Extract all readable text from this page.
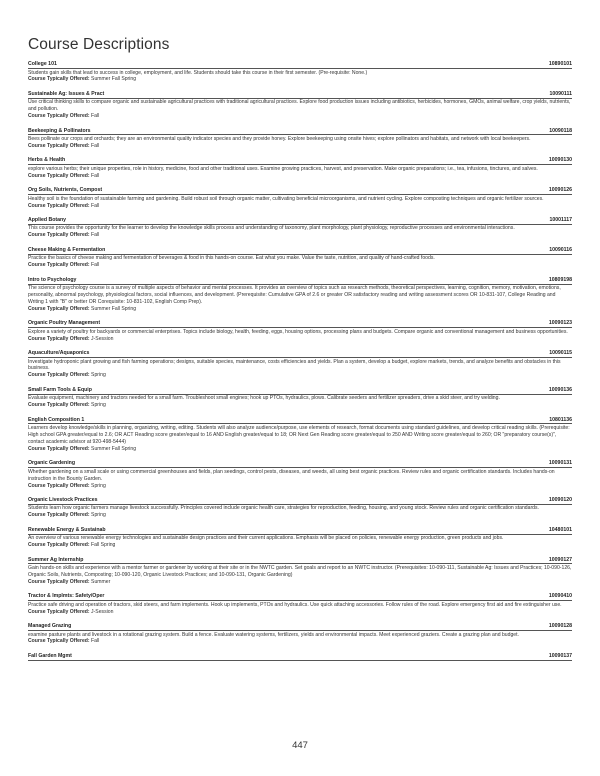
Course Descriptions
College 101	10890101
Students gain skills that lead to success in college, employment, and life. Students should take this course in their first semester. (Pre-requisite: None.)
Course Typically Offered: Summer Fall Spring
Sustainable Ag: Issues & Pract	10090111
Use critical thinking skills to compare organic and sustainable agricultural practices with traditional agricultural practices. Explore food production issues including antibiotics, herbicides, hormones, GMOs, animal welfare, crop yields, nutrients, and pollution.
Course Typically Offered: Fall
Beekeeping & Pollinators	10090118
Bees pollinate our crops and orchards; they are an environmental quality indicator species and they provide honey. Explore beekeeping using onsite hives; explore pollinators and habitats, and network with local beekeepers.
Course Typically Offered: Fall
Herbs & Health	10090130
explore various herbs; their unique properties, role in history, medicine, food and other traditional uses. Examine growing practices, harvest, and preservation. Make organic preparations; i.e., tea, infusions, tinctures, and salves.
Course Typically Offered: Fall
Org Soils, Nutrients, Compost	10090126
Healthy soil is the foundation of sustainable farming and gardening. Build robust soil through organic matter, cultivating beneficial microorganisms, and nutrient cycling. Explore composting techniques and organic fertilizer sources.
Course Typically Offered: Fall
Applied Botany	10001117
This course provides the opportunity for the learner to develop the knowledge skills process and understanding of taxonomy, plant morphology, plant physiology, reproductive processes and environmental interactions.
Course Typically Offered: Fall
Cheese Making & Fermentation	10090116
Practice the basics of cheese making and fermentation of beverages & food in this hands-on course. Eat what you make. Value the taste, nutrition, and quality of hand-crafted foods.
Course Typically Offered: Fall
Intro to Psychology	10809198
The science of psychology course is a survey of multiple aspects of behavior and mental processes. It provides an overview of topics such as research methods, theoretical perspectives, learning, cognition, memory, motivation, emotions, personality, abnormal psychology, physiological factors, social influences, and development. (Prerequisite: Cumulative GPA of 2.6 or greater OR satisfactory reading and writing assessment scores OR 10-831-107, College Reading and Writing 1 with "B" or better OR Corequisite: 10-831-102, English Comp Prep).
Course Typically Offered: Summer Fall Spring
Organic Poultry Management	10090123
Explore a variety of poultry for backyards or commercial enterprises. Topics include biology, health, feeding, eggs, housing options, processing plans and budgets. Compare organic and conventional management and business opportunities.
Course Typically Offered: J-Session
Aquaculture/Aquaponics	10090115
Investigate hydroponic plant growing and fish farming operations; designs, suitable species, maintenance, costs efficiencies and yields. Plan a system, develop a budget, explore markets, trends, and analyze benefits and obstacles in this business.
Course Typically Offered: Spring
Small Farm Tools & Equip	10090136
Evaluate equipment, machinery and tractors needed for a small farm. Troubleshoot small engines; hook up PTOs, hydraulics, plows. Calibrate seeders and fertilizer spreaders, drive a skid steer, and try welding.
Course Typically Offered: Spring
English Composition 1	10801136
Learners develop knowledge/skills in planning, organizing, writing, editing. Students will also analyze audience/purpose, use elements of research, format documents using standard guidelines, and develop critical reading skills. (Prerequisite: High school GPA greater/equal to 2.6; OR ACT Reading score greater/equal to 16 AND English greater/equal to 18; OR Next Gen Reading score greater/equal to 250 AND Writing score greater/equal to 260; OR "preparatory course(s)", contact academic advisor at 920-498-5444)
Course Typically Offered: Summer Fall Spring
Organic Gardening	10090131
Whether gardening on a small scale or using commercial greenhouses and fields, plan seedings, control pests, diseases, and weeds, all using best organic practices. Review rules and organic certification standards. Includes hands-on instruction in the Bounty Garden.
Course Typically Offered: Spring
Organic Livestock Practices	10090120
Students learn how organic farmers manage livestock successfully. Principles covered include organic health care, strategies for reproduction, feeding, housing, and young stock. Review rules and organic certification standards.
Course Typically Offered: Spring
Renewable Energy & Sustainab	10480101
An overview of various renewable energy technologies and sustainable design practices and their current applications. Emphasis will be placed on policies, renewable energy production, green products and jobs.
Course Typically Offered: Fall Spring
Summer Ag Internship	10090127
Gain hands-on skills and experience with a mentor farmer or gardener by working at their site or in the NWTC garden. Set goals and report to an NWTC instructor. (Prerequisites: 10-090-111, Sustainable Ag: Issues and Practices; 10-090-126, Organic Soils, Nutrients, Composting; 10-090-120, Organic Livestock Practices; and 10-090-131, Organic Gardening)
Course Typically Offered: Summer
Tractor & Implmts: Safety/Oper	10090410
Practice safe driving and operation of tractors, skid steers, and farm implements. Hook up implements, PTOs and hydraulics. Use quick attaching accessories. Follow rules of the road. Explore emergency first aid and fire extinguisher use.
Course Typically Offered: J-Session
Managed Grazing	10090128
examine pasture plants and livestock in a rotational grazing system. Build a fence. Evaluate watering systems, fertilizers, yields and environmental impacts. Meet experienced graziers. Create a grazing plan and budget.
Course Typically Offered: Fall
Fall Garden Mgmt	10090137
447
